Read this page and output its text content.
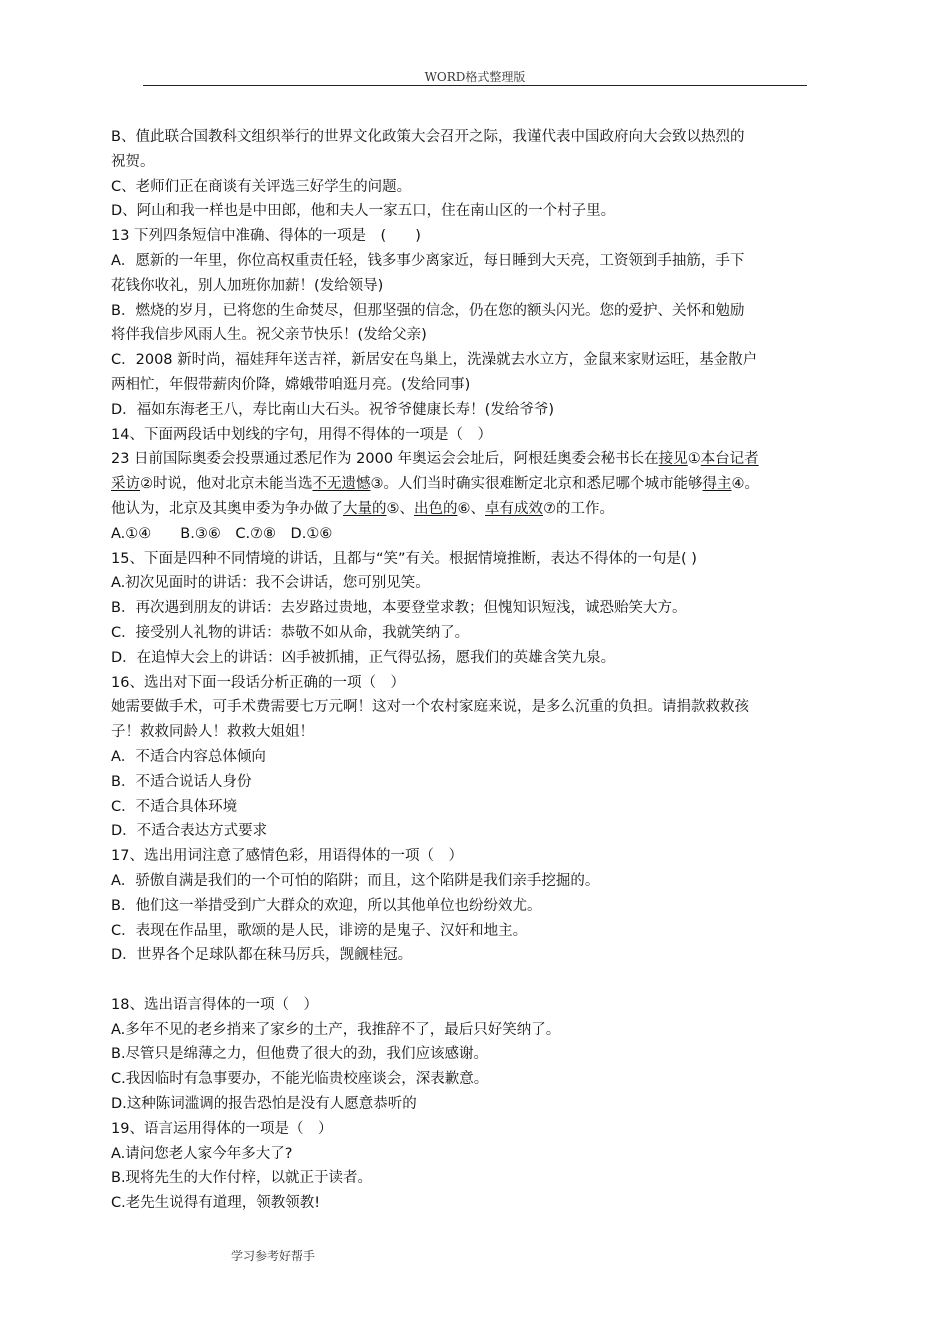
WORD格式整理版
B、值此联合国教科文组织举行的世界文化政策大会召开之际，我谨代表中国政府向大会致以热烈的
祝贺。
C、老师们正在商谈有关评选三好学生的问题。
D、阿山和我一样也是中田郎，他和夫人一家五口，住在南山区的一个村子里。
13 下列四条短信中准确、得体的一项是　(　　)
A．愿新的一年里，你位高权重责任轻，钱多事少离家近，每日睡到大天亮，工资领到手抽筋，手下
花钱你收礼，别人加班你加薪！(发给领导)
B．燃烧的岁月，已将您的生命焚尽，但那坚强的信念，仍在您的额头闪光。您的爱护、关怀和勉励
将伴我信步风雨人生。祝父亲节快乐！(发给父亲)
C．2008 新时尚，福娃拜年送吉祥，新居安在鸟巢上，洗澡就去水立方，金鼠来家财运旺，基金散户
两相忙，年假带薪肉价降，嫦娥带咱逛月亮。(发给同事)
D．福如东海老王八，寿比南山大石头。祝爷爷健康长寿！(发给爷爷)
14、下面两段话中划线的字句，用得不得体的一项是（　）
23 日前国际奥委会投票通过悉尼作为 2000 年奥运会会址后，阿根廷奥委会秘书长在接见①本台记者
采访②时说，他对北京未能当选不无遗憾③。人们当时确实很难断定北京和悉尼哪个城市能够得主④。
他认为，北京及其奥申委为争办做了大量的⑤、出色的⑥、卓有成效⑦的工作。
A.①④　　B.③⑥　C.⑦⑧　D.①⑥
15、下面是四种不同情境的讲话，且都与“笑”有关。根据情境推断，表达不得体的一句是( )
A.初次见面时的讲话：我不会讲话，您可别见笑。
B．再次遇到朋友的讲话：去岁路过贵地，本要登堂求教；但愧知识短浅，诚恐贻笑大方。
C．接受别人礼物的讲话：恭敬不如从命，我就笑纳了。
D．在追悼大会上的讲话：凶手被抓捕，正气得弘扬，愿我们的英雄含笑九泉。
16、选出对下面一段话分析正确的一项（　）
她需要做手术，可手术费需要七万元啊！这对一个农村家庭来说，是多么沉重的负担。请捐款救救孩
子！救救同龄人！救救大姐姐！
A．不适合内容总体倾向
B．不适合说话人身份
C．不适合具体环境
D．不适合表达方式要求
17、选出用词注意了感情色彩，用语得体的一项（　）
A．骄傲自满是我们的一个可怕的陷阱；而且，这个陷阱是我们亲手挖掘的。
B．他们这一举措受到广大群众的欢迎，所以其他单位也纷纷效尤。
C．表现在作品里，歌颂的是人民，诽谤的是鬼子、汉奸和地主。
D．世界各个足球队都在秣马厉兵，觊觎桂冠。
18、选出语言得体的一项（　）
A.多年不见的老乡捎来了家乡的土产，我推辞不了，最后只好笑纳了。
B.尽管只是绵薄之力，但他费了很大的劲，我们应该感谢。
C.我因临时有急事要办，不能光临贵校座谈会，深表歉意。
D.这种陈词滥调的报告恐怕是没有人愿意恭听的
19、语言运用得体的一项是（　）
A.请问您老人家今年多大了?
B.现将先生的大作付梓，以就正于读者。
C.老先生说得有道理，领教领教!
学习参考好帮手
